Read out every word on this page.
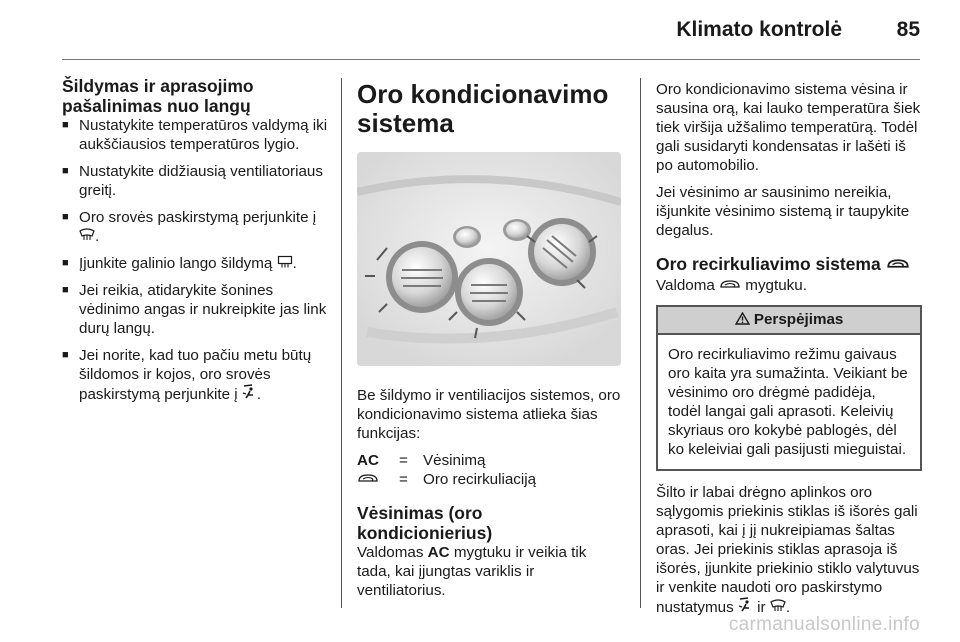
Klimato kontrolė	85
Šildymas ir aprasojimo pašalinimas nuo langų
■ Nustatykite temperatūros valdymą iki aukščiausios temperatūros lygio.
■ Nustatykite didžiausią ventiliatoriaus greitį.
■ Oro srovės paskirstymą perjunkite į .
■ Įjunkite galinio lango šildymą .
■ Jei reikia, atidarykite šonines vėdinimo angas ir nukreipkite jas link durų langų.
■ Jei norite, kad tuo pačiu metu būtų šildomos ir kojos, oro srovės paskirstymą perjunkite į .
Oro kondicionavimo sistema

Be šildymo ir ventiliacijos sistemos, oro kondicionavimo sistema atlieka šias funkcijas:

AC	=	Vėsinimą
	=	Oro recirkuliaciją
Vėsinimas (oro kondicionierius)

Valdomas AC mygtuku ir veikia tik tada, kai įjungtas variklis ir ventiliatorius.

Oro kondicionavimo sistema vėsina ir sausina orą, kai lauko temperatūra šiek tiek viršija užšalimo temperatūrą. Todėl gali susidaryti kondensatas ir lašėti iš po automobilio.

Jei vėsinimo ar sausinimo nereikia, išjunkite vėsinimo sistemą ir taupykite degalus.

Oro recirkuliavimo sistema

Valdoma mygtuku.

Perspėjimas
Oro recirkuliavimo režimu gaivaus oro kaita yra sumažinta. Veikiant be vėsinimo oro drėgmė padidėja, todėl langai gali aprasoti. Keleivių skyriaus oro kokybė pablogės, dėl ko keleiviai gali pasijusti mieguistai.

Šilto ir labai drėgno aplinkos oro sąlygomis priekinis stiklas iš išorės gali aprasoti, kai į jį nukreipiamas šaltas oras. Jei priekinis stiklas aprasoja iš išorės, įjunkite priekinio stiklo valytuvus ir venkite naudoti oro paskirstymo nustatymus ir .

carmanualsonline.info
